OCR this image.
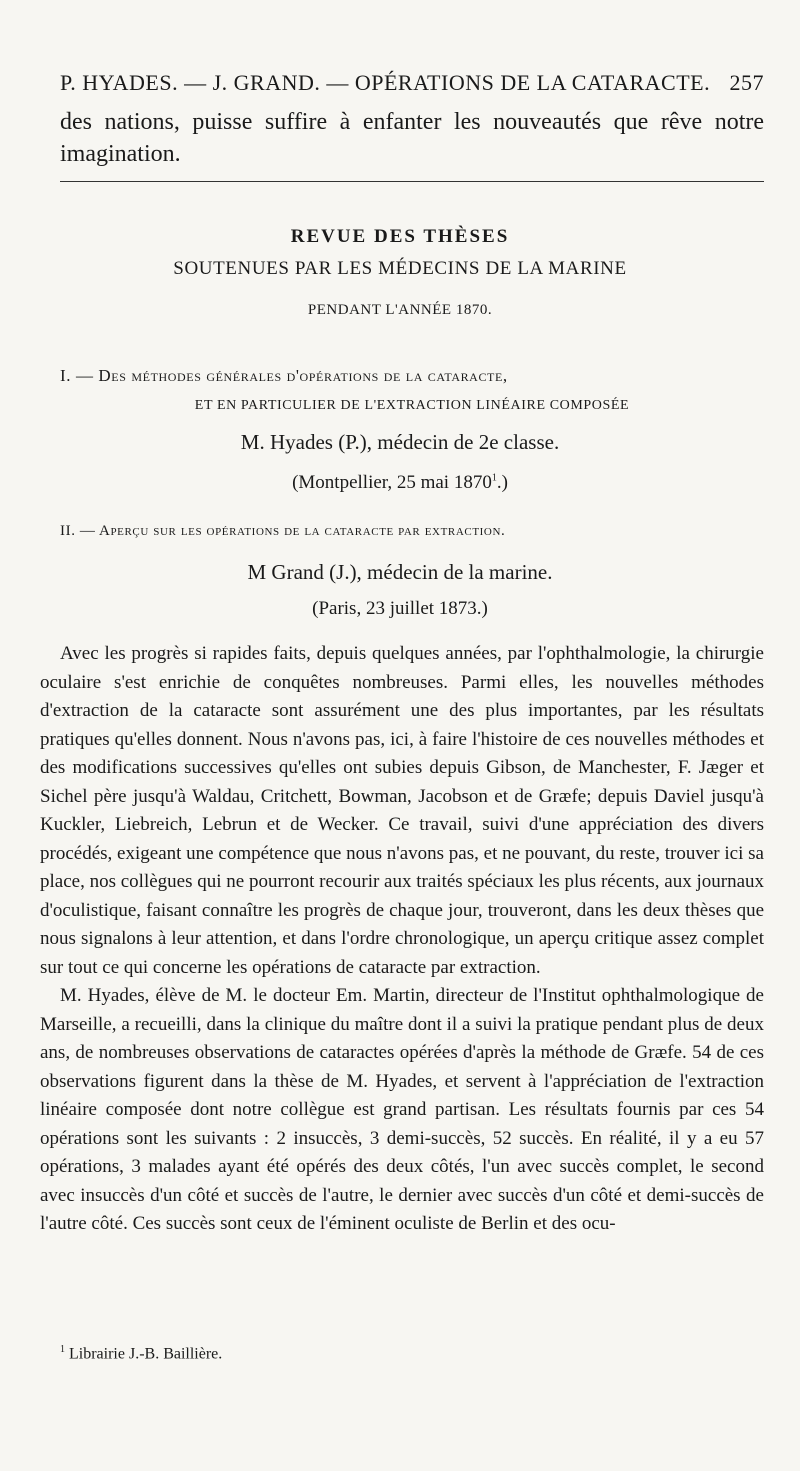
P. HYADES. — J. GRAND. — OPÉRATIONS DE LA CATARACTE. 257
des nations, puisse suffire à enfanter les nouveautés que rêve notre imagination.
REVUE DES THÈSES
SOUTENUES PAR LES MÉDECINS DE LA MARINE
PENDANT L'ANNÉE 1870.
I. — Des méthodes générales d'opérations de la cataracte,
ET EN PARTICULIER DE L'EXTRACTION LINÉAIRE COMPOSÉE
M. Hyades (P.), médecin de 2e classe.
(Montpellier, 25 mai 1870$^1$.)
II. — Aperçu sur les opérations de la cataracte par extraction.
M Grand (J.), médecin de la marine.
(Paris, 23 juillet 1873.)

Avec les progrès si rapides faits, depuis quelques années, par l'ophthalmologie, la chirurgie oculaire s'est enrichie de conquêtes nombreuses. Parmi elles, les nouvelles méthodes d'extraction de la cataracte sont assurément une des plus importantes, par les résultats pratiques qu'elles donnent. Nous n'avons pas, ici, à faire l'histoire de ces nouvelles méthodes et des modifications successives qu'elles ont subies depuis Gibson, de Manchester, F. Jæger et Sichel père jusqu'à Waldau, Critchett, Bowman, Jacobson et de Græfe; depuis Daviel jusqu'à Kuckler, Liebreich, Lebrun et de Wecker. Ce travail, suivi d'une appréciation des divers procédés, exigeant une compétence que nous n'avons pas, et ne pouvant, du reste, trouver ici sa place, nos collègues qui ne pourront recourir aux traités spéciaux les plus récents, aux journaux d'oculistique, faisant connaître les progrès de chaque jour, trouveront, dans les deux thèses que nous signalons à leur attention, et dans l'ordre chronologique, un aperçu critique assez complet sur tout ce qui concerne les opérations de cataracte par extraction.

M. Hyades, élève de M. le docteur Em. Martin, directeur de l'Institut ophthalmologique de Marseille, a recueilli, dans la clinique du maître dont il a suivi la pratique pendant plus de deux ans, de nombreuses observations de cataractes opérées d'après la méthode de Græfe. 54 de ces observations figurent dans la thèse de M. Hyades, et servent à l'appréciation de l'extraction linéaire composée dont notre collègue est grand partisan. Les résultats fournis par ces 54 opérations sont les suivants : 2 insuccès, 3 demi-succès, 52 succès. En réalité, il y a eu 57 opérations, 3 malades ayant été opérés des deux côtés, l'un avec succès complet, le second avec insuccès d'un côté et succès de l'autre, le dernier avec succès d'un côté et demi-succès de l'autre côté. Ces succès sont ceux de l'éminent oculiste de Berlin et des ocu-

$^1$ Librairie J.-B. Baillière.
